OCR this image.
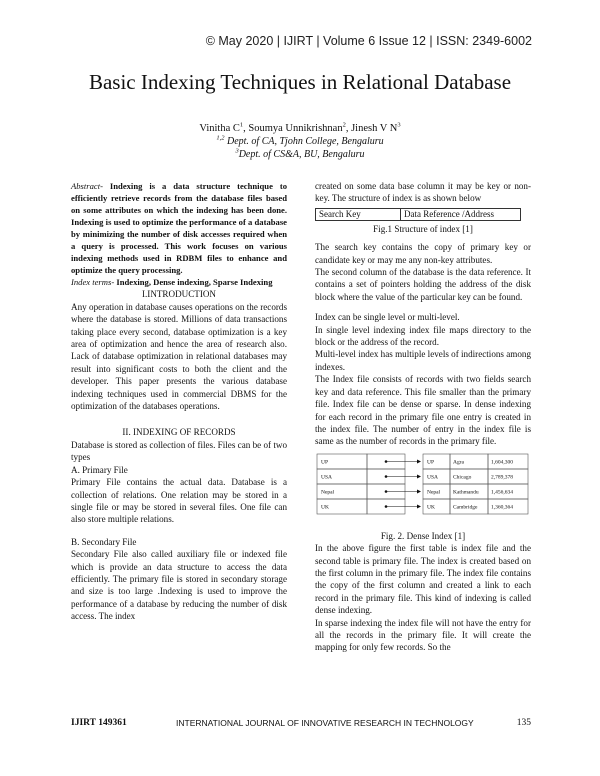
© May 2020 | IJIRT | Volume 6 Issue 12 | ISSN: 2349-6002
Basic Indexing Techniques in Relational Database
Vinitha $C^1$, Soumya Unnikrishnan$^2$, Jinesh V $N^3$
$^{1,2}$ Dept. of CA, Tjohn College, Bengaluru
$^3$Dept. of CS&A, BU, Bengaluru

Abstract- Indexing is a data structure technique to efficiently retrieve records from the database files based on some attributes on which the indexing has been done. Indexing is used to optimize the performance of a database by minimizing the number of disk accesses required when a query is processed. This work focuses on various indexing methods used in RDBM files to enhance and optimize the query processing.

Index terms- Indexing, Dense indexing, Sparse Indexing

I.INTRODUCTION

Any operation in database causes operations on the records where the database is stored. Millions of data transactions taking place every second, database optimization is a key area of optimization and hence the area of research also. Lack of database optimization in relational databases may result into significant costs to both the client and the developer. This paper presents the various database indexing techniques used in commercial DBMS for the optimization of the databases operations.

II. INDEXING OF RECORDS

Database is stored as collection of files. Files can be of two types

A. Primary File

Primary File contains the actual data. Database is a collection of relations. One relation may be stored in a single file or may be stored in several files. One file can also store multiple relations.

B. Secondary File

Secondary File also called auxiliary file or indexed file which is provide an data structure to access the data efficiently. The primary file is stored in secondary storage and size is too large .Indexing is used to improve the performance of a database by reducing the number of disk access. The index

created on some data base column it may be key or non-key. The structure of index is as shown below

Search Key	Data Reference /Address

Fig.1 Structure of index [1]

The search key contains the copy of primary key or candidate key or may me any non-key attributes.

The second column of the database is the data reference. It contains a set of pointers holding the address of the disk block where the value of the particular key can be found.

Index can be single level or multi-level.

In single level indexing index file maps directory to the block or the address of the record.

Multi-level index has multiple levels of indirections among indexes.

The Index file consists of records with two fields search key and data reference. This file smaller than the primary file. Index file can be dense or sparse. In dense indexing for each record in the primary file one entry is created in the index file. The number of entry in the index file is same as the number of records in the primary file.

UP
USA
Nepal
UK
UP	Agra	1,604,300
USA	Chicago	2,789,378
Nepal Kathmandu 1,456,634
UK	Cambridge 1,360,364

Fig. 2. Dense Index [1]

In the above figure the first table is index file and the second table is primary file. The index is created based on the first column in the primary file. The index file contains the copy of the first column and created a link to each record in the primary file. This kind of indexing is called dense indexing.

In sparse indexing the index file will not have the entry for all the records in the primary file. It will create the mapping for only few records. So the

IJIRT 149361	INTERNATIONAL JOURNAL OF INNOVATIVE RESEARCH IN TECHNOLOGY	135
